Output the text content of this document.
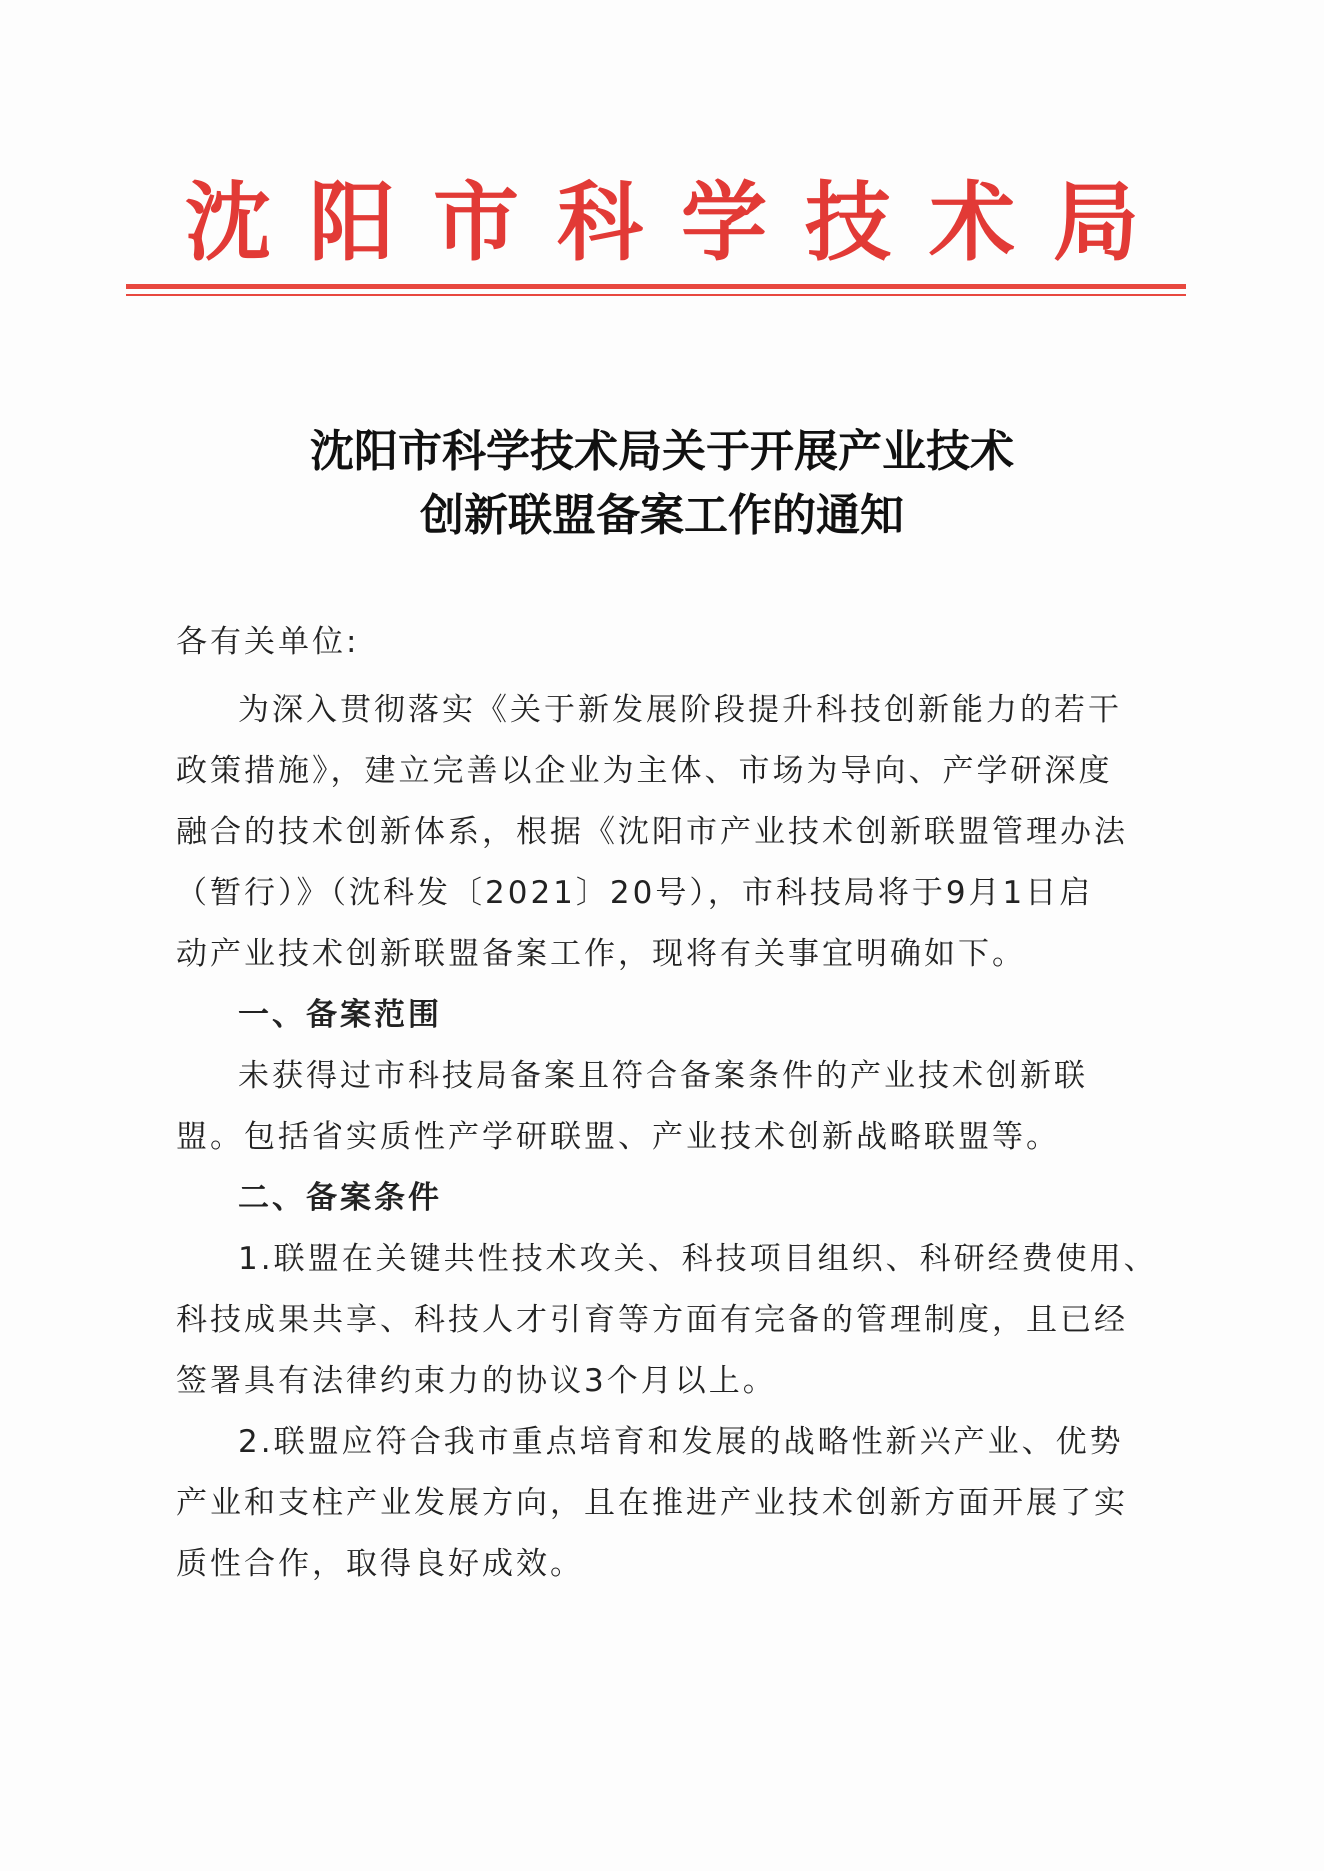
沈阳市科学技术局
沈阳市科学技术局关于开展产业技术
创新联盟备案工作的通知
各有关单位:
为深入贯彻落实《关于新发展阶段提升科技创新能力的若干
政策措施》，建立完善以企业为主体、市场为导向、产学研深度
融合的技术创新体系，根据《沈阳市产业技术创新联盟管理办法
（暂行）》（沈科发〔2021〕20号），市科技局将于9月1日启
动产业技术创新联盟备案工作，现将有关事宜明确如下。
一、备案范围
未获得过市科技局备案且符合备案条件的产业技术创新联
盟。包括省实质性产学研联盟、产业技术创新战略联盟等。
二、备案条件
1.联盟在关键共性技术攻关、科技项目组织、科研经费使用、
科技成果共享、科技人才引育等方面有完备的管理制度，且已经
签署具有法律约束力的协议3个月以上。
2.联盟应符合我市重点培育和发展的战略性新兴产业、优势
产业和支柱产业发展方向，且在推进产业技术创新方面开展了实
质性合作，取得良好成效。
